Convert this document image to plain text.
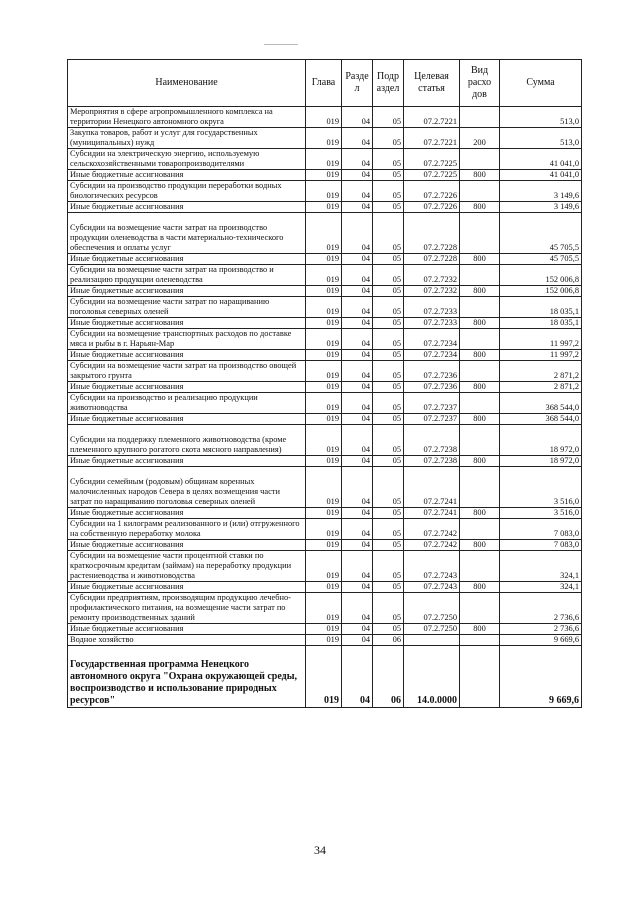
Наименование	Глава	Разде л	Подр аздел	Целевая статья	Вид расхо дов	Сумма
Мероприятия в сфере агропромышленного комплекса на территории Ненецкого автономного округа	019	04	05	07.2.7221		513,0
Закупка товаров, работ и услуг для государственных (муниципальных) нужд	019	04	05	07.2.7221	200	513,0
Субсидии на электрическую энергию, используемую сельскохозяйственными товаропроизводителями	019	04	05	07.2.7225		41 041,0
Иные бюджетные ассигнования	019	04	05	07.2.7225	800	41 041,0
Субсидии на производство продукции переработки водных биологических ресурсов	019	04	05	07.2.7226		3 149,6
Иные бюджетные ассигнования	019	04	05	07.2.7226	800	3 149,6
Субсидии на возмещение части затрат на производство продукции оленеводства в части материально-технического обеспечения и оплаты услуг	019	04	05	07.2.7228		45 705,5
Иные бюджетные ассигнования	019	04	05	07.2.7228	800	45 705,5
Субсидии на возмещение части затрат на производство и реализацию продукции оленеводства	019	04	05	07.2.7232		152 006,8
Иные бюджетные ассигнования	019	04	05	07.2.7232	800	152 006,8
Субсидии на возмещение части затрат по наращиванию поголовья северных оленей	019	04	05	07.2.7233		18 035,1
Иные бюджетные ассигнования	019	04	05	07.2.7233	800	18 035,1
Субсидии на возмещение транспортных расходов по доставке мяса и рыбы в г. Нарьян-Мар	019	04	05	07.2.7234		11 997,2
Иные бюджетные ассигнования	019	04	05	07.2.7234	800	11 997,2
Субсидии на возмещение части затрат на производство овощей закрытого грунта	019	04	05	07.2.7236		2 871,2
Иные бюджетные ассигнования	019	04	05	07.2.7236	800	2 871,2
Субсидии на производство и реализацию продукции животноводства	019	04	05	07.2.7237		368 544,0
Иные бюджетные ассигнования	019	04	05	07.2.7237	800	368 544,0
Субсидии на поддержку племенного животноводства (кроме племенного крупного рогатого скота мясного направления)	019	04	05	07.2.7238		18 972,0
Иные бюджетные ассигнования	019	04	05	07.2.7238	800	18 972,0
Субсидии семейным (родовым) общинам коренных малочисленных народов Севера в целях возмещения части затрат по наращиванию поголовья северных оленей	019	04	05	07.2.7241		3 516,0
Иные бюджетные ассигнования	019	04	05	07.2.7241	800	3 516,0
Субсидии на 1 килограмм реализованного и (или) отгруженного на собственную переработку молока	019	04	05	07.2.7242		7 083,0
Иные бюджетные ассигнования	019	04	05	07.2.7242	800	7 083,0
Субсидии на возмещение части процентной ставки по краткосрочным кредитам (займам) на переработку продукции растениеводства и животноводства	019	04	05	07.2.7243		324,1
Иные бюджетные ассигнования	019	04	05	07.2.7243	800	324,1
Субсидии предприятиям, производящим продукцию лечебно-профилактического питания, на возмещение части затрат по ремонту производственных зданий	019	04	05	07.2.7250		2 736,6
Иные бюджетные ассигнования	019	04	05	07.2.7250	800	2 736,6
Водное хозяйство	019	04	06			9 669,6
Государственная программа Ненецкого автономного округа "Охрана окружающей среды, воспроизводство и использование природных ресурсов"	019	04	06	14.0.0000		9 669,6
34
